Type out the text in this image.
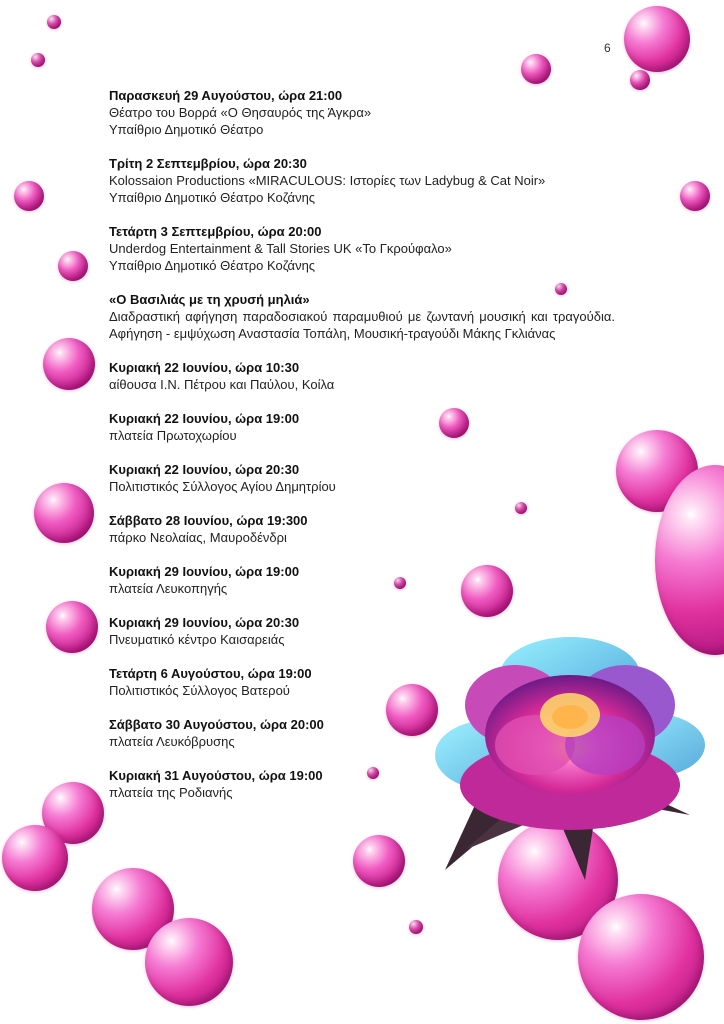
6
Παρασκευή 29 Αυγούστου, ώρα 21:00
Θέατρο του Βορρά «Ο Θησαυρός της Άγκρα»
Υπαίθριο Δημοτικό Θέατρο
Τρίτη 2 Σεπτεμβρίου, ώρα 20:30
Kolossaion Productions «MIRACULOUS: Ιστορίες των Ladybug & Cat Noir»
Υπαίθριο Δημοτικό Θέατρο Κοζάνης
Τετάρτη 3 Σεπτεμβρίου, ώρα 20:00
Underdog Entertainment & Tall Stories UK «Το Γκρούφαλο»
Υπαίθριο Δημοτικό Θέατρο Κοζάνης
«Ο Βασιλιάς με τη χρυσή μηλιά»
Διαδραστική αφήγηση παραδοσιακού παραμυθιού με ζωντανή μουσική και τραγούδια. Αφήγηση - εμψύχωση Αναστασία Τοπάλη, Μουσική-τραγούδι Μάκης Γκλιάνας
Κυριακή 22 Ιουνίου, ώρα 10:30
αίθουσα Ι.Ν. Πέτρου και Παύλου, Κοίλα
Κυριακή 22 Ιουνίου, ώρα 19:00
πλατεία Πρωτοχωρίου
Κυριακή 22 Ιουνίου, ώρα 20:30
Πολιτιστικός Σύλλογος Αγίου Δημητρίου
Σάββατο 28 Ιουνίου, ώρα 19:300
πάρκο Νεολαίας, Μαυροδένδρι
Κυριακή 29 Ιουνίου, ώρα 19:00
πλατεία Λευκοπηγής
Κυριακή 29 Ιουνίου, ώρα 20:30
Πνευματικό κέντρο Καισαρειάς
Τετάρτη 6 Αυγούστου, ώρα 19:00
Πολιτιστικός Σύλλογος Βατερού
Σάββατο 30 Αυγούστου, ώρα 20:00
πλατεία Λευκόβρυσης
Κυριακή 31 Αυγούστου, ώρα 19:00
πλατεία της Ροδιανής
